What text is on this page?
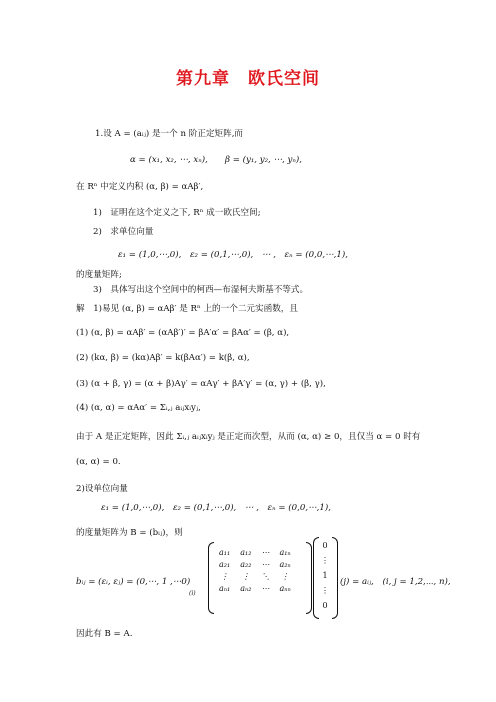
第九章　欧氏空间
1.设 A = (aᵢⱼ) 是一个 n 阶正定矩阵,而
α = (x₁, x₂, ⋯, xₙ),　　β = (y₁, y₂, ⋯, yₙ),
在 Rⁿ 中定义内积 (α, β) = αAβ′,
1)　证明在这个定义之下, Rⁿ 成一欧氏空间;
2)　求单位向量
ε₁ = (1,0,⋯,0),　ε₂ = (0,1,⋯,0),　⋯ ,　εₙ = (0,0,⋯,1),
的度量矩阵;
3)　具体写出这个空间中的柯西—布湿柯夫斯基不等式。
解　1)易见 (α, β) = αAβ′ 是 Rⁿ 上的一个二元实函数，且
(1) (α, β) = αAβ′ = (αAβ′)′ = βA′α′ = βAα′ = (β, α),
(2) (kα, β) = (kα)Aβ′ = k(βAα′) = k(β, α),
(3) (α + β, γ) = (α + β)Aγ′ = αAγ′ + βA′γ′ = (α, γ) + (β, γ),
(4) (α, α) = αAα′ = Σᵢ,ⱼ aᵢⱼxᵢyⱼ,
由于 A 是正定矩阵，因此 Σᵢ,ⱼ aᵢⱼxᵢyⱼ 是正定而次型，从而 (α, α) ≥ 0，且仅当 α = 0 时有
(α, α) = 0.
2)设单位向量
ε₁ = (1,0,⋯,0),　ε₂ = (0,1,⋯,0),　⋯ ,　εₙ = (0,0,⋯,1),
的度量矩阵为 B = (bᵢⱼ)，则
bᵢⱼ = (εᵢ, εⱼ) = (0,⋯, 1 ,⋯0)
(i)
a₁₁	a₁₂	⋯	a₁ₙ
a₂₁	a₂₂	⋯	a₂ₙ
⋮	⋮	⋱	⋮
aₙ₁	aₙ₂	⋯	aₙₙ
0
⋮
1
⋮
0
(j) = aᵢⱼ,　(i, j = 1,2,⋯, n),
因此有 B = A.
